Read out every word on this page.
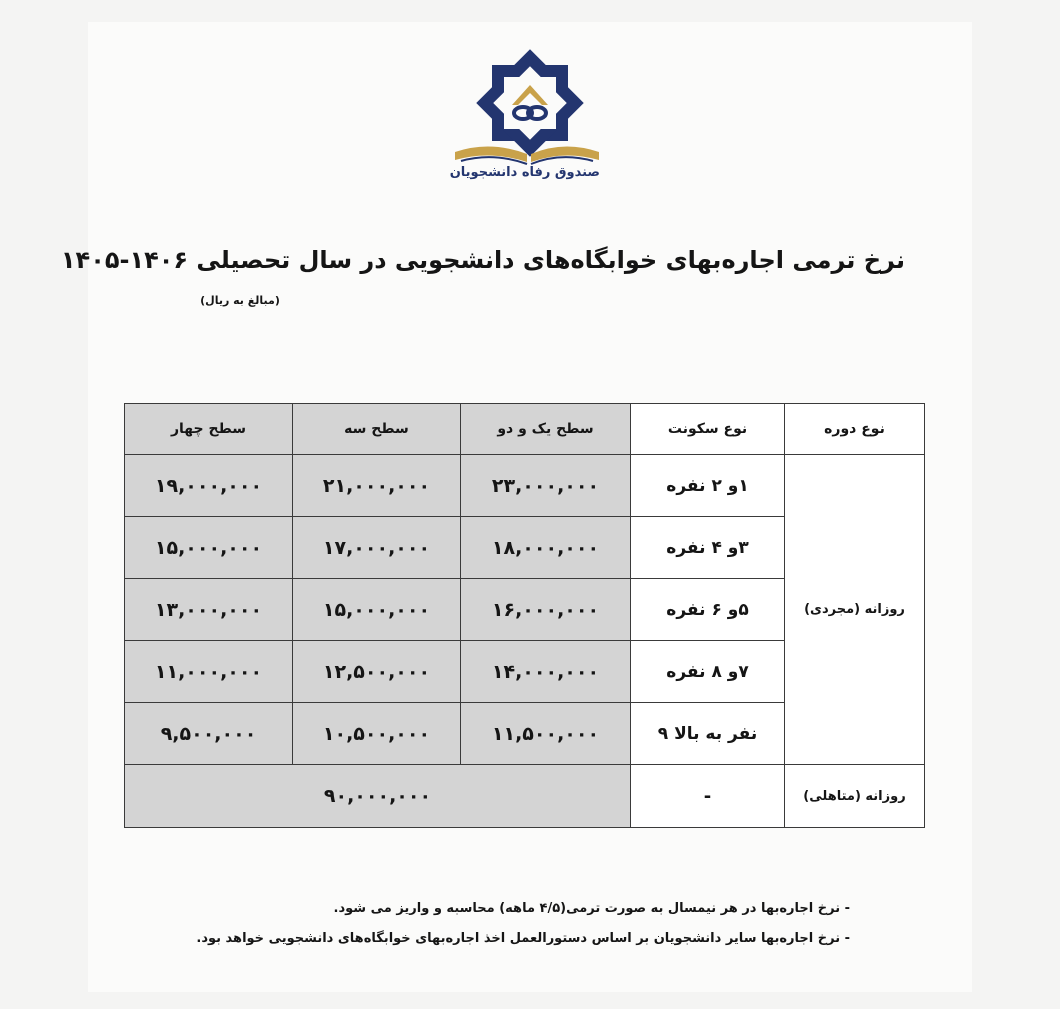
صندوق رفاه دانشجویان
نرخ ترمی اجاره‌بهای خوابگاه‌های دانشجویی در سال تحصیلی ۱۴۰۶-۱۴۰۵
(مبالغ به ریال)
سطح چهار	سطح سه	سطح یک و دو	نوع سکونت	نوع دوره
۱۹,۰۰۰,۰۰۰	۲۱,۰۰۰,۰۰۰	۲۳,۰۰۰,۰۰۰	۱و ۲ نفره	روزانه (مجردی)
۱۵,۰۰۰,۰۰۰	۱۷,۰۰۰,۰۰۰	۱۸,۰۰۰,۰۰۰	۳و ۴ نفره	
۱۳,۰۰۰,۰۰۰	۱۵,۰۰۰,۰۰۰	۱۶,۰۰۰,۰۰۰	۵و ۶ نفره	
۱۱,۰۰۰,۰۰۰	۱۲,۵۰۰,۰۰۰	۱۴,۰۰۰,۰۰۰	۷و ۸ نفره	
۹,۵۰۰,۰۰۰	۱۰,۵۰۰,۰۰۰	۱۱,۵۰۰,۰۰۰	نفر به بالا ۹	
۹۰,۰۰۰,۰۰۰			-	روزانه (متاهلی)
- نرخ اجاره‌بها در هر نیمسال به صورت ترمی(۴/۵ ماهه) محاسبه و واریز می شود.
- نرخ اجاره‌بها سایر دانشجویان بر اساس دستورالعمل اخذ اجاره‌بهای خوابگاه‌های دانشجویی خواهد بود.
